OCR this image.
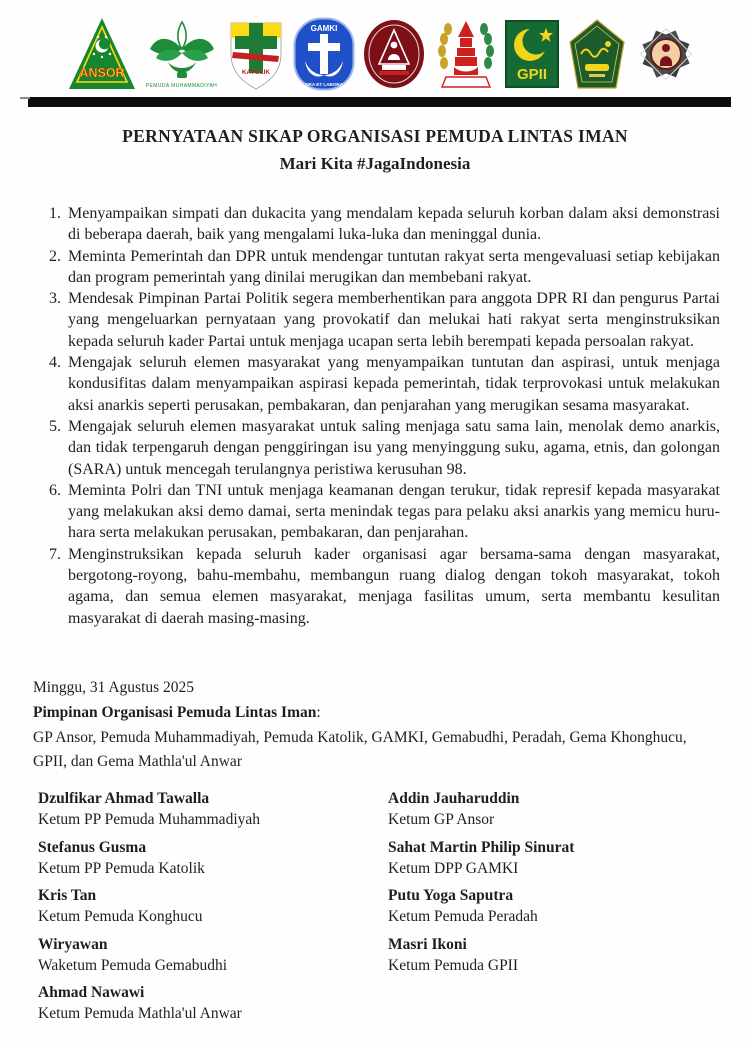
ANSOR
PEMUDA MUHAMMADIYAH
KATOLIK
GAMKI
ORA ET LABORA
GPII
PERNYATAAN SIKAP ORGANISASI PEMUDA LINTAS IMAN
Mari Kita #JagaIndonesia
1. Menyampaikan simpati dan dukacita yang mendalam kepada seluruh korban dalam aksi demonstrasi di beberapa daerah, baik yang mengalami luka-luka dan meninggal dunia.
2. Meminta Pemerintah dan DPR untuk mendengar tuntutan rakyat serta mengevaluasi setiap kebijakan dan program pemerintah yang dinilai merugikan dan membebani rakyat.
3. Mendesak Pimpinan Partai Politik segera memberhentikan para anggota DPR RI dan pengurus Partai yang mengeluarkan pernyataan yang provokatif dan melukai hati rakyat serta menginstruksikan kepada seluruh kader Partai untuk menjaga ucapan serta lebih berempati kepada persoalan rakyat.
4. Mengajak seluruh elemen masyarakat yang menyampaikan tuntutan dan aspirasi, untuk menjaga kondusifitas dalam menyampaikan aspirasi kepada pemerintah, tidak terprovokasi untuk melakukan aksi anarkis seperti perusakan, pembakaran, dan penjarahan yang merugikan sesama masyarakat.
5. Mengajak seluruh elemen masyarakat untuk saling menjaga satu sama lain, menolak demo anarkis, dan tidak terpengaruh dengan penggiringan isu yang menyinggung suku, agama, etnis, dan golongan (SARA) untuk mencegah terulangnya peristiwa kerusuhan 98.
6. Meminta Polri dan TNI untuk menjaga keamanan dengan terukur, tidak represif kepada masyarakat yang melakukan aksi demo damai, serta menindak tegas para pelaku aksi anarkis yang memicu huru-hara serta melakukan perusakan, pembakaran, dan penjarahan.
7. Menginstruksikan kepada seluruh kader organisasi agar bersama-sama dengan masyarakat, bergotong-royong, bahu-membahu, membangun ruang dialog dengan tokoh masyarakat, tokoh agama, dan semua elemen masyarakat, menjaga fasilitas umum, serta membantu kesulitan masyarakat di daerah masing-masing.
Minggu, 31 Agustus 2025
Pimpinan Organisasi Pemuda Lintas Iman:
GP Ansor, Pemuda Muhammadiyah, Pemuda Katolik, GAMKI, Gemabudhi, Peradah, Gema Khonghucu, GPII, dan Gema Mathla'ul Anwar
Dzulfikar Ahmad Tawalla
Ketum PP Pemuda Muhammadiyah
Addin Jauharuddin
Ketum GP Ansor
Stefanus Gusma
Ketum PP Pemuda Katolik
Sahat Martin Philip Sinurat
Ketum DPP GAMKI
Kris Tan
Ketum Pemuda Konghucu
Putu Yoga Saputra
Ketum Pemuda Peradah
Wiryawan
Waketum Pemuda Gemabudhi
Masri Ikoni
Ketum Pemuda GPII
Ahmad Nawawi
Ketum Pemuda Mathla'ul Anwar
